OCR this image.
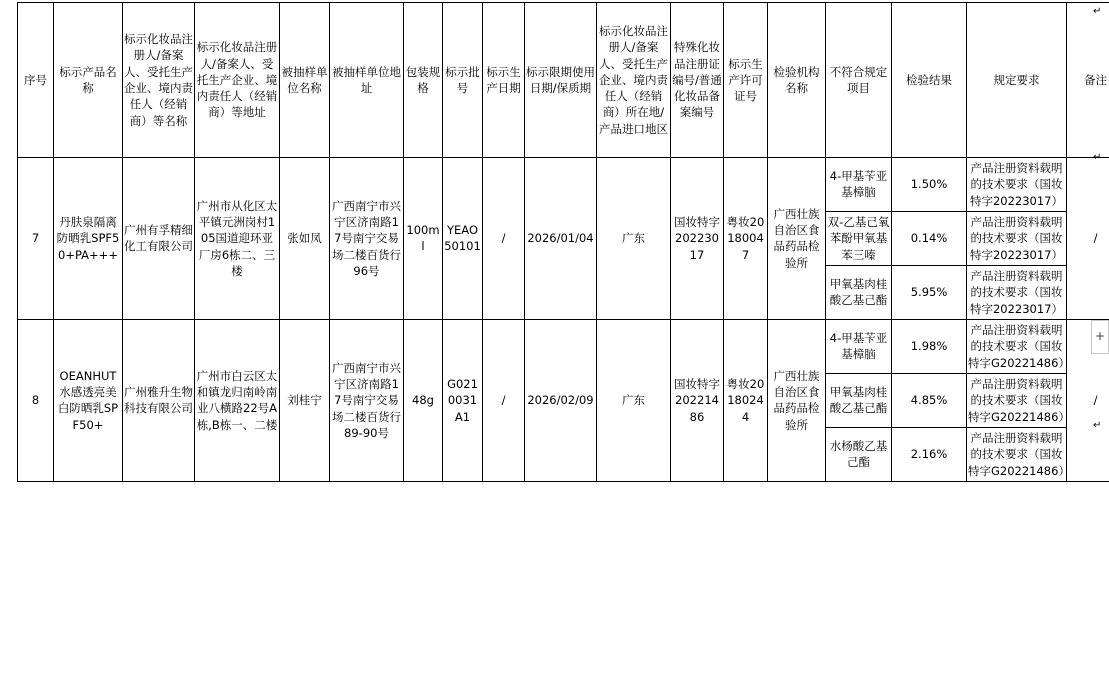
序号	标示产品名称	标示化妆品注册人/备案人、受托生产企业、境内责任人（经销商）等名称	标示化妆品注册人/备案人、受托生产企业、境内责任人（经销商）等地址	被抽样单位名称	被抽样单位地址	包装规格	标示批号	标示生产日期	标示限期使用日期/保质期	标示化妆品注册人/备案人、受托生产企业、境内责任人（经销商）所在地/产品进口地区	特殊化妆品注册证编号/普通化妆品备案编号	标示生产许可证号	检验机构名称	不符合规定项目	检验结果	规定要求	备注
7	丹肤泉隔离防晒乳SPF50+PA+++	广州有孚精细化工有限公司	广州市从化区太平镇元洲岗村105国道迎环亚厂房6栋二、三楼	张如凤	广西南宁市兴宁区济南路17号南宁交易场二楼百货行96号	100ml	YEAO50101	/	2026/01/04	广东	国妆特字202230 17	粤妆20180047	广西壮族自治区食品药品检验所	4-甲基苄亚基樟脑	1.50%	产品注册资料载明的技术要求（国妆特字20223017）	/
														双-乙基己氧苯酚甲氧基苯三嗪	0.14%	产品注册资料载明的技术要求（国妆特字20223017）	
														甲氧基肉桂酸乙基己酯	5.95%	产品注册资料载明的技术要求（国妆特字20223017）	
8	OEANHUT水感透亮美白防晒乳SPF50+	广州雅升生物科技有限公司	广州市白云区太和镇龙归南岭南业八横路22号A栋,B栋一、二楼	刘桂宁	广西南宁市兴宁区济南路17号南宁交易场二楼百货行89-90号	48g	G0210031A1	/	2026/02/09	广东	国妆特字202214 86	粤妆20180244	广西壮族自治区食品药品检验所	4-甲基苄亚基樟脑	1.98%	产品注册资料载明的技术要求（国妆特字G20221486）	/
														甲氧基肉桂酸乙基己酯	4.85%	产品注册资料载明的技术要求（国妆特字G20221486）	
														水杨酸乙基己酯	2.16%	产品注册资料载明的技术要求（国妆特字G20221486）	
↵
↵
↵
+
